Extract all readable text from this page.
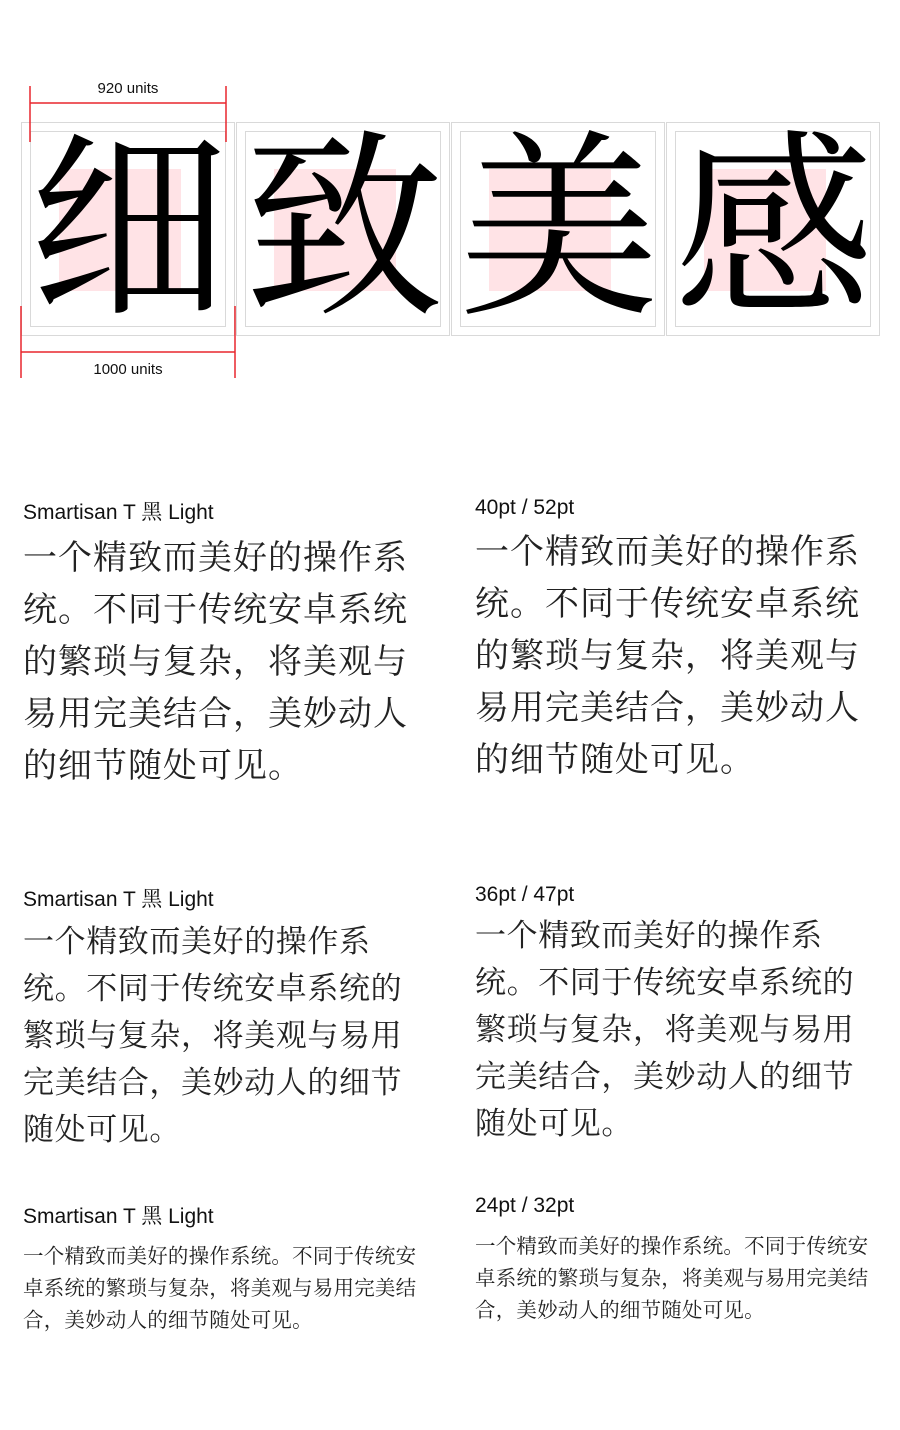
920 units
1000 units
细 致 美 感

Smartisan T 黑 Light

一个精致而美好的操作系统。不同于传统安卓系统的繁琐与复杂，将美观与易用完美结合，美妙动人的细节随处可见。

40pt / 52pt

一个精致而美好的操作系统。不同于传统安卓系统的繁琐与复杂，将美观与易用完美结合，美妙动人的细节随处可见。

Smartisan T 黑 Light

一个精致而美好的操作系统。不同于传统安卓系统的繁琐与复杂，将美观与易用完美结合，美妙动人的细节随处可见。

36pt / 47pt

一个精致而美好的操作系统。不同于传统安卓系统的繁琐与复杂，将美观与易用完美结合，美妙动人的细节随处可见。

Smartisan T 黑 Light

一个精致而美好的操作系统。不同于传统安卓系统的繁琐与复杂，将美观与易用完美结合，美妙动人的细节随处可见。

24pt / 32pt

一个精致而美好的操作系统。不同于传统安卓系统的繁琐与复杂，将美观与易用完美结合，美妙动人的细节随处可见。
